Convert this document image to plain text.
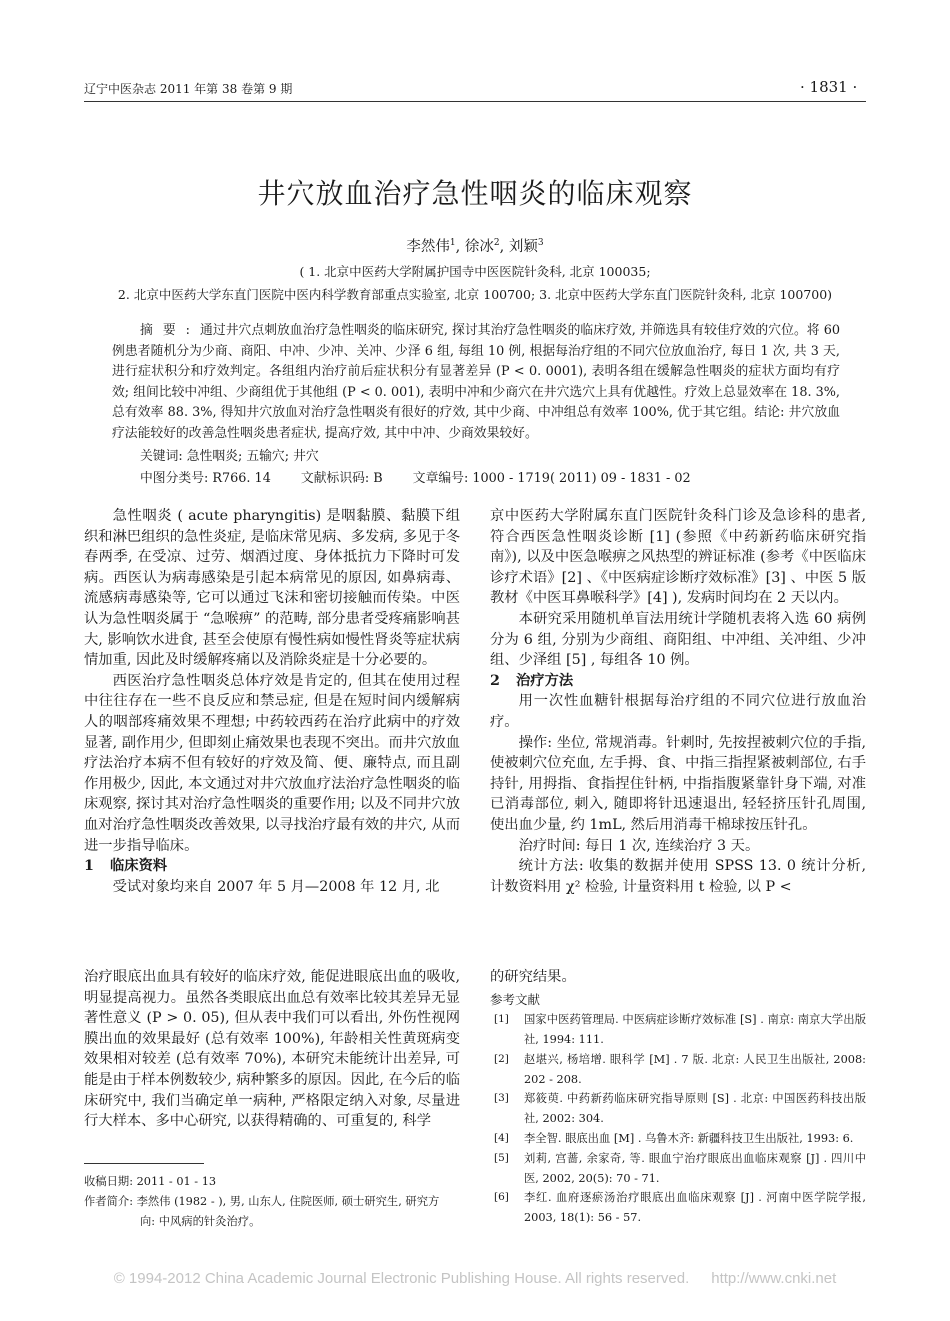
辽宁中医杂志 2011 年第 38 卷第 9 期	· 1831 ·
井穴放血治疗急性咽炎的临床观察
李然伟$^1$, 徐冰$^2$, 刘颖$^3$
( 1. 北京中医药大学附属护国寺中医医院针灸科, 北京 100035;
2. 北京中医药大学东直门医院中医内科学教育部重点实验室, 北京 100700; 3. 北京中医药大学东直门医院针灸科, 北京 100700)
摘要:通过井穴点刺放血治疗急性咽炎的临床研究, 探讨其治疗急性咽炎的临床疗效, 并筛选具有较佳疗效的穴位。将 60 例患者随机分为少商、商阳、中冲、少冲、关冲、少泽 6 组, 每组 10 例, 根据每治疗组的不同穴位放血治疗, 每日 1 次, 共 3 天, 进行症状积分和疗效判定。各组组内治疗前后症状积分有显著差异 (P < 0. 0001), 表明各组在缓解急性咽炎的症状方面均有疗效; 组间比较中冲组、少商组优于其他组 (P < 0. 001), 表明中冲和少商穴在井穴选穴上具有优越性。疗效上总显效率在 18. 3%, 总有效率 88. 3%, 得知井穴放血对治疗急性咽炎有很好的疗效, 其中少商、中冲组总有效率 100%, 优于其它组。结论: 井穴放血疗法能较好的改善急性咽炎患者症状, 提高疗效, 其中中冲、少商效果较好。
关键词: 急性咽炎; 五输穴; 井穴
中图分类号: R766. 14 文献标识码: B 文章编号: 1000 - 1719( 2011) 09 - 1831 - 02

急性咽炎 ( acute pharyngitis) 是咽黏膜、黏膜下组织和淋巴组织的急性炎症, 是临床常见病、多发病, 多见于冬春两季, 在受凉、过劳、烟酒过度、身体抵抗力下降时可发病。西医认为病毒感染是引起本病常见的原因, 如鼻病毒、流感病毒感染等, 它可以通过飞沫和密切接触而传染。中医认为急性咽炎属于 “急喉痹” 的范畴, 部分患者受疼痛影响甚大, 影响饮水进食, 甚至会使原有慢性病如慢性肾炎等症状病情加重, 因此及时缓解疼痛以及消除炎症是十分必要的。

西医治疗急性咽炎总体疗效是肯定的, 但其在使用过程中往往存在一些不良反应和禁忌症, 但是在短时间内缓解病人的咽部疼痛效果不理想; 中药较西药在治疗此病中的疗效显著, 副作用少, 但即刻止痛效果也表现不突出。而井穴放血疗法治疗本病不但有较好的疗效及简、便、廉特点, 而且副作用极少, 因此, 本文通过对井穴放血疗法治疗急性咽炎的临床观察, 探讨其对治疗急性咽炎的重要作用; 以及不同井穴放血对治疗急性咽炎改善效果, 以寻找治疗最有效的井穴, 从而进一步指导临床。

1 临床资料

受试对象均来自 2007 年 5 月—2008 年 12 月, 北

京中医药大学附属东直门医院针灸科门诊及急诊科的患者, 符合西医急性咽炎诊断 [1] (参照《中药新药临床研究指南》), 以及中医急喉痹之风热型的辨证标准 (参考《中医临床诊疗术语》[2] 、《中医病症诊断疗效标准》[3] 、中医 5 版教材《中医耳鼻喉科学》[4] ), 发病时间均在 2 天以内。

本研究采用随机单盲法用统计学随机表将入选 60 病例分为 6 组, 分别为少商组、商阳组、中冲组、关冲组、少冲组、少泽组 [5] , 每组各 10 例。

2 治疗方法

用一次性血糖针根据每治疗组的不同穴位进行放血治疗。

操作: 坐位, 常规消毒。针刺时, 先按捏被刺穴位的手指, 使被刺穴位充血, 左手拇、食、中指三指捏紧被刺部位, 右手持针, 用拇指、食指捏住针柄, 中指指腹紧靠针身下端, 对准已消毒部位, 刺入, 随即将针迅速退出, 轻轻挤压针孔周围, 使出血少量, 约 1mL, 然后用消毒干棉球按压针孔。

治疗时间: 每日 1 次, 连续治疗 3 天。

统计方法: 收集的数据并使用 SPSS 13. 0 统计分析, 计数资料用 χ² 检验, 计量资料用 t 检验, 以 P <

治疗眼底出血具有较好的临床疗效, 能促进眼底出血的吸收, 明显提高视力。虽然各类眼底出血总有效率比较其差异无显著性意义 (P > 0. 05), 但从表中我们可以看出, 外伤性视网膜出血的效果最好 (总有效率 100%), 年龄相关性黄斑病变效果相对较差 (总有效率 70%), 本研究未能统计出差异, 可能是由于样本例数较少, 病种繁多的原因。因此, 在今后的临床研究中, 我们当确定单一病种, 严格限定纳入对象, 尽量进行大样本、多中心研究, 以获得精确的、可重复的, 科学

的研究结果。

参考文献
[1] 国家中医药管理局. 中医病症诊断疗效标准 [S] . 南京: 南京大学出版社, 1994: 111.
[2] 赵堪兴, 杨培增. 眼科学 [M] . 7 版. 北京: 人民卫生出版社, 2008: 202 - 208.
[3] 郑筱萸. 中药新药临床研究指导原则 [S] . 北京: 中国医药科技出版社, 2002: 304.
[4] 李全智. 眼底出血 [M] . 乌鲁木齐: 新疆科技卫生出版社, 1993: 6.
[5] 刘莉, 宫蔷, 余家奇, 等. 眼血宁治疗眼底出血临床观察 [J] . 四川中医, 2002, 20(5): 70 - 71.
[6] 李红. 血府逐瘀汤治疗眼底出血临床观察 [J] . 河南中医学院学报, 2003, 18(1): 56 - 57.
收稿日期: 2011 - 01 - 13
作者简介: 李然伟 (1982 - ), 男, 山东人, 住院医师, 硕士研究生, 研究方
向: 中风病的针灸治疗。
© 1994-2012 China Academic Journal Electronic Publishing House. All rights reserved. http://www.cnki.net
